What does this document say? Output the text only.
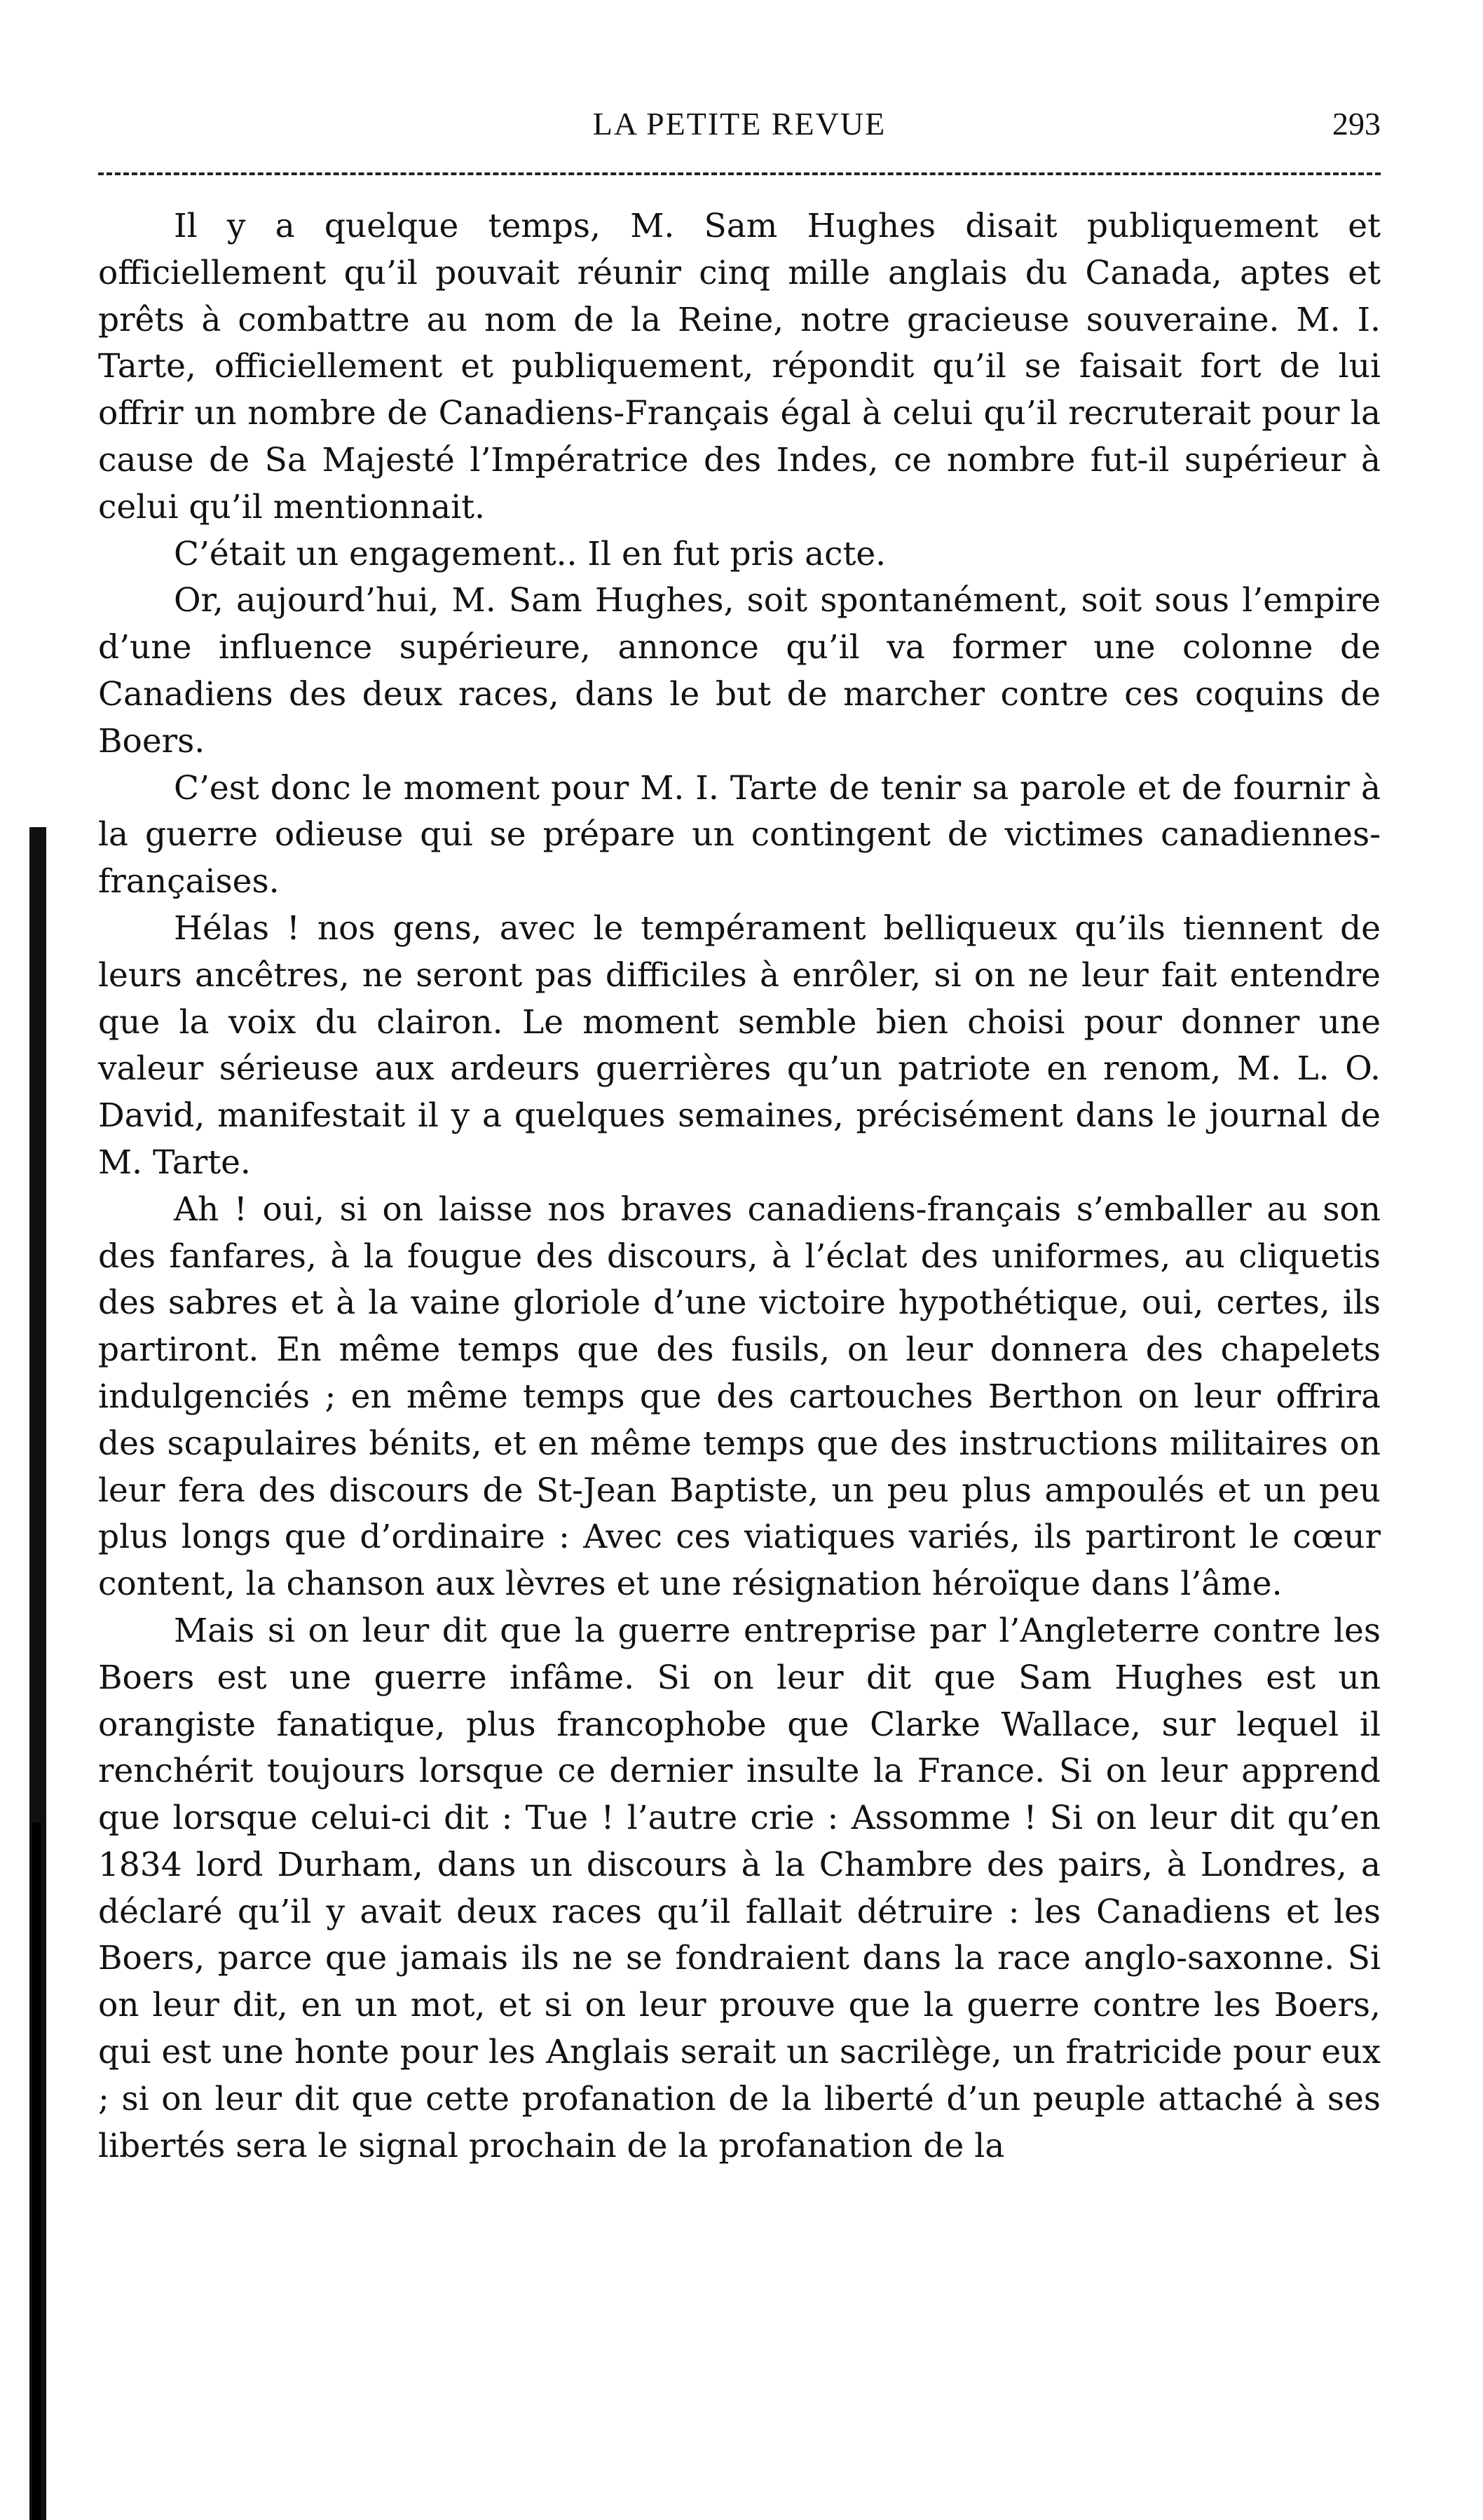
LA PETITE REVUE	293

Il y a quelque temps, M. Sam Hughes disait publiquement et officiellement qu’il pouvait réunir cinq mille anglais du Canada, aptes et prêts à combattre au nom de la Reine, notre gracieuse souveraine. M. I. Tarte, officiellement et publiquement, répondit qu’il se faisait fort de lui offrir un nombre de Canadiens-Français égal à celui qu’il recruterait pour la cause de Sa Majesté l’Impératrice des Indes, ce nombre fut-il supérieur à celui qu’il mentionnait.

C’était un engagement.. Il en fut pris acte.

Or, aujourd’hui, M. Sam Hughes, soit spontanément, soit sous l’empire d’une influence supérieure, annonce qu’il va former une colonne de Canadiens des deux races, dans le but de marcher contre ces coquins de Boers.

C’est donc le moment pour M. I. Tarte de tenir sa parole et de fournir à la guerre odieuse qui se prépare un contingent de victimes canadiennes-françaises.

Hélas ! nos gens, avec le tempérament belliqueux qu’ils tiennent de leurs ancêtres, ne seront pas difficiles à enrôler, si on ne leur fait entendre que la voix du clairon. Le moment semble bien choisi pour donner une valeur sérieuse aux ardeurs guerrières qu’un patriote en renom, M. L. O. David, manifestait il y a quelques semaines, précisément dans le journal de M. Tarte.

Ah ! oui, si on laisse nos braves canadiens-français s’emballer au son des fanfares, à la fougue des discours, à l’éclat des uniformes, au cliquetis des sabres et à la vaine gloriole d’une victoire hypothétique, oui, certes, ils partiront. En même temps que des fusils, on leur donnera des chapelets indulgenciés ; en même temps que des cartouches Berthon on leur offrira des scapulaires bénits, et en même temps que des instructions militaires on leur fera des discours de St-Jean Baptiste, un peu plus ampoulés et un peu plus longs que d’ordinaire : Avec ces viatiques variés, ils partiront le cœur content, la chanson aux lèvres et une résignation héroïque dans l’âme.

Mais si on leur dit que la guerre entreprise par l’Angleterre contre les Boers est une guerre infâme. Si on leur dit que Sam Hughes est un orangiste fanatique, plus francophobe que Clarke Wallace, sur lequel il renchérit toujours lorsque ce dernier insulte la France. Si on leur apprend que lorsque celui-ci dit : Tue ! l’autre crie : Assomme ! Si on leur dit qu’en 1834 lord Durham, dans un discours à la Chambre des pairs, à Londres, a déclaré qu’il y avait deux races qu’il fallait détruire : les Canadiens et les Boers, parce que jamais ils ne se fondraient dans la race anglo-saxonne. Si on leur dit, en un mot, et si on leur prouve que la guerre contre les Boers, qui est une honte pour les Anglais serait un sacrilège, un fratricide pour eux ; si on leur dit que cette profanation de la liberté d’un peuple attaché à ses libertés sera le signal prochain de la profanation de la
